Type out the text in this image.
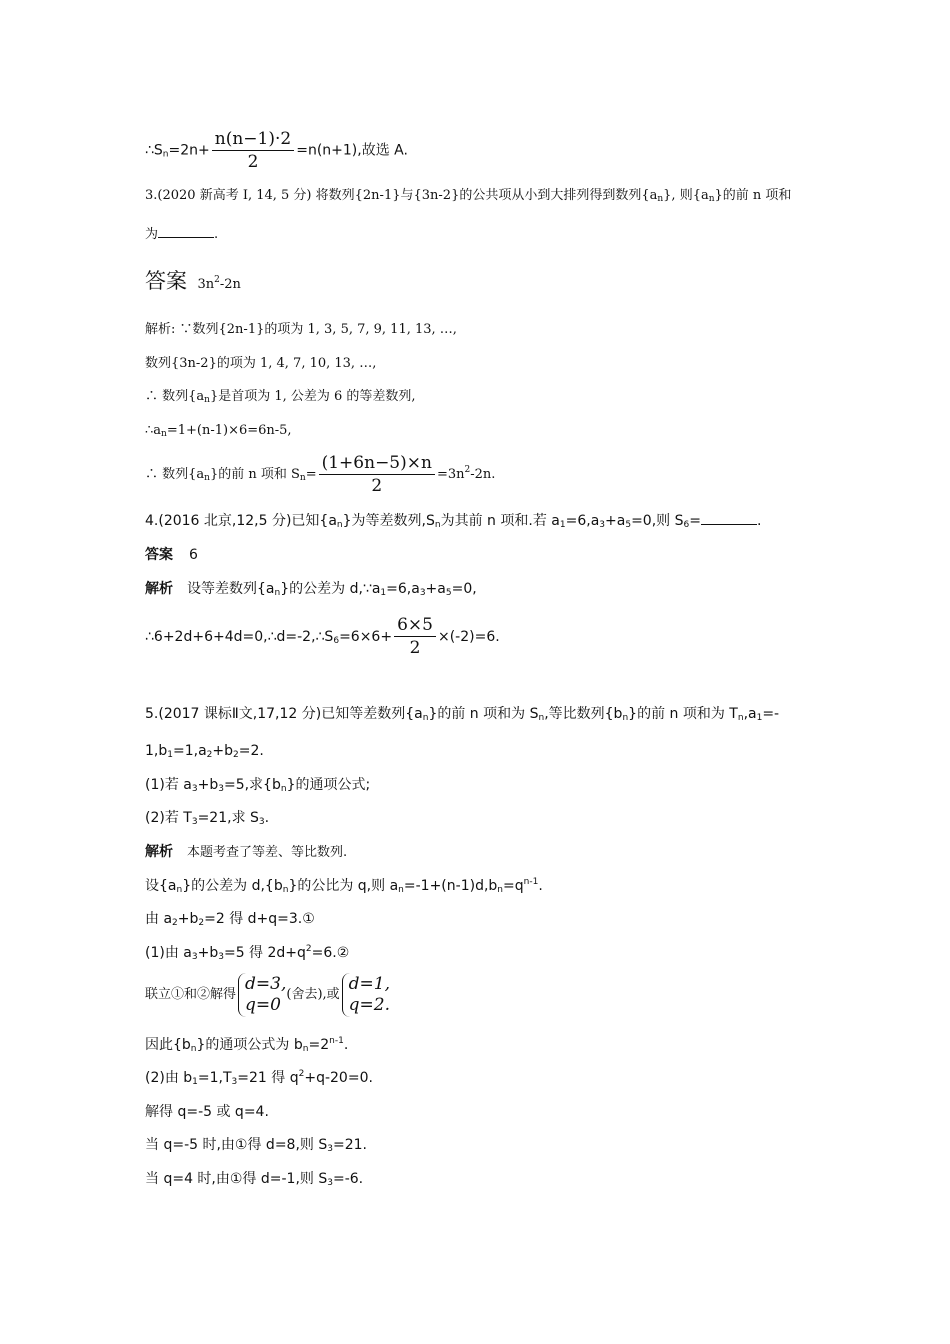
$\therefore S_n=2n+ \frac{n(n-1)\cdot 2}{2} =n(n+1)$,故选 A.
3.(2020 新高考 Ⅰ, 14, 5 分) 将数列{2n-1}与{3n-2}的公共项从小到大排列得到数列$\{a_n\}$, 则$\{a_n\}$的前 n 项和
为	.
答案 $3n^2-2n$
解析: ∵数列{2n-1}的项为 1, 3, 5, 7, 9, 11, 13, …,
数列{3n-2}的项为 1, 4, 7, 10, 13, …,
∴ 数列$\{a_n\}$是首项为 1, 公差为 6 的等差数列,
$\therefore a_n=1+(n-1)\times 6=6n-5$,
∴ 数列$\{a_n\}$的前 n 项和 $S_n= \frac{(1+6n-5)\times n}{2} =3n^2-2n$.
4.(2016 北京,12,5 分)已知$\{a_n\}$为等差数列$,S_n$为其前 n 项和.若 $a_1=6,a_3+a_5=0$,则 $S_6=$	.
答案 6
解析 设等差数列$\{a_n\}$的公差为 $d,\because a_1=6,a_3+a_5=0$,
$\therefore 6+2d+6+4d=0,\therefore d=-2,\therefore S_6=6\times 6+ \frac{6\times 5}{2} \times(-2)=6$.
5.(2017 课标Ⅱ文,17,12 分)已知等差数列$\{a_n\}$的前 n 项和为 $S_n$,等比数列$\{b_n\}$的前 n 项和为 $T_n,a_1=-$
$1,b_1=1,a_2+b_2=2$.
(1)若 $a_3+b_3=5$,求$\{b_n\}$的通项公式;
(2)若 $T_3=21$,求 $S_3$.
解析 本题考查了等差、等比数列.
设$\{a_n\}$的公差为 $d,\{b_n\}$的公比为 q,则 $a_n=-1+(n-1)d,b_n=q^{n-1}$.
由 $a_2+b_2=2$ 得 d+q=3.①
(1)由 $a_3+b_3=5$ 得 $2d+q^2=6.②$
联立①和②解得
d=3,
q=0
(舍去),或
d=1,
q=2.
因此$\{b_n\}$的通项公式为 $b_n=2^{n-1}$.
(2)由 $b_1=1,T_3=21$ 得 $q^2+q-20=0$.
解得 q=-5 或 q=4.
当 q=-5 时,由①得 d=8,则 $S_3=21$.
当 q=4 时,由①得 d=-1,则 $S_3=-6$.
